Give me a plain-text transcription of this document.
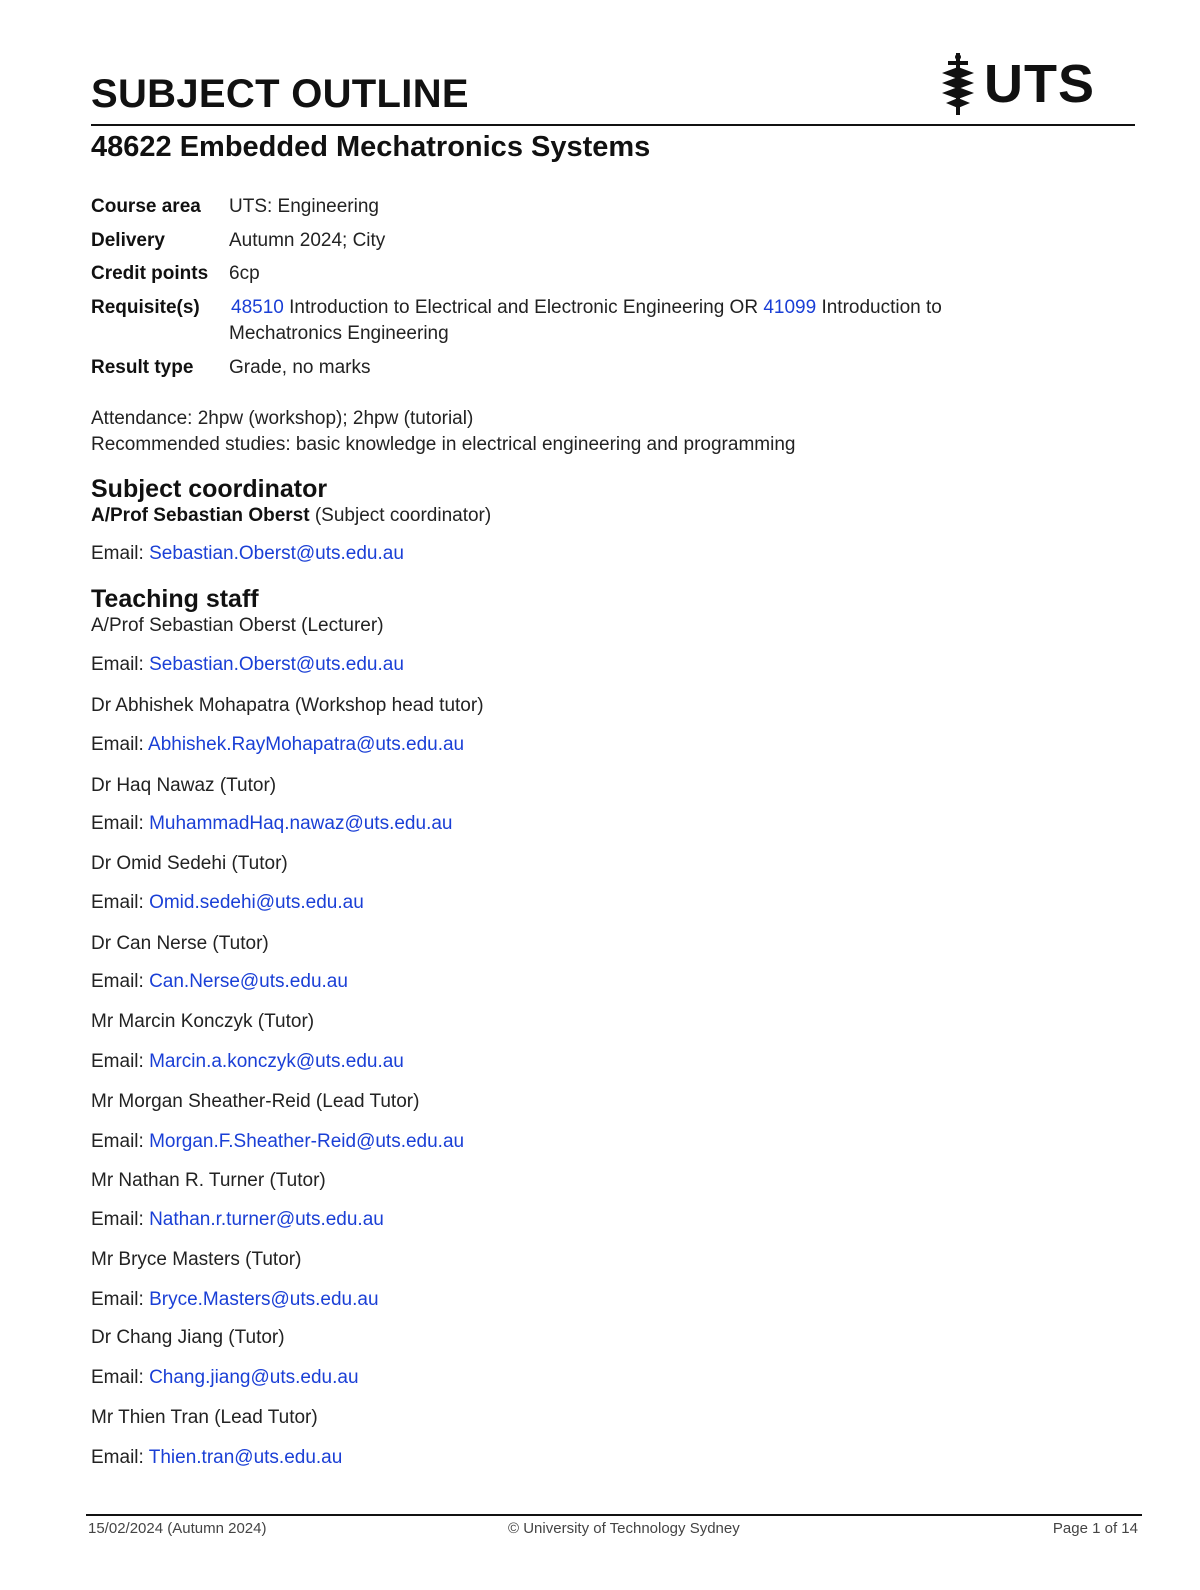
SUBJECT OUTLINE	UTS
48622 Embedded Mechatronics Systems
Course area	UTS: Engineering
Delivery	Autumn 2024; City
Credit points	6cp
Requisite(s)	48510 Introduction to Electrical and Electronic Engineering OR 41099 Introduction to Mechatronics Engineering
Result type	Grade, no marks
Attendance: 2hpw (workshop); 2hpw (tutorial)
Recommended studies: basic knowledge in electrical engineering and programming
Subject coordinator
A/Prof Sebastian Oberst (Subject coordinator)
Email: Sebastian.Oberst@uts.edu.au
Teaching staff
A/Prof Sebastian Oberst (Lecturer)
Email: Sebastian.Oberst@uts.edu.au
Dr Abhishek Mohapatra (Workshop head tutor)
Email: Abhishek.RayMohapatra@uts.edu.au
Dr Haq Nawaz (Tutor)
Email: MuhammadHaq.nawaz@uts.edu.au
Dr Omid Sedehi (Tutor)
Email: Omid.sedehi@uts.edu.au
Dr Can Nerse (Tutor)
Email: Can.Nerse@uts.edu.au
Mr Marcin Konczyk (Tutor)
Email: Marcin.a.konczyk@uts.edu.au
Mr Morgan Sheather-Reid (Lead Tutor)
Email: Morgan.F.Sheather-Reid@uts.edu.au
Mr Nathan R. Turner (Tutor)
Email: Nathan.r.turner@uts.edu.au
Mr Bryce Masters (Tutor)
Email: Bryce.Masters@uts.edu.au
Dr Chang Jiang (Tutor)
Email: Chang.jiang@uts.edu.au
Mr Thien Tran (Lead Tutor)
Email: Thien.tran@uts.edu.au
15/02/2024 (Autumn 2024)	© University of Technology Sydney	Page 1 of 14
